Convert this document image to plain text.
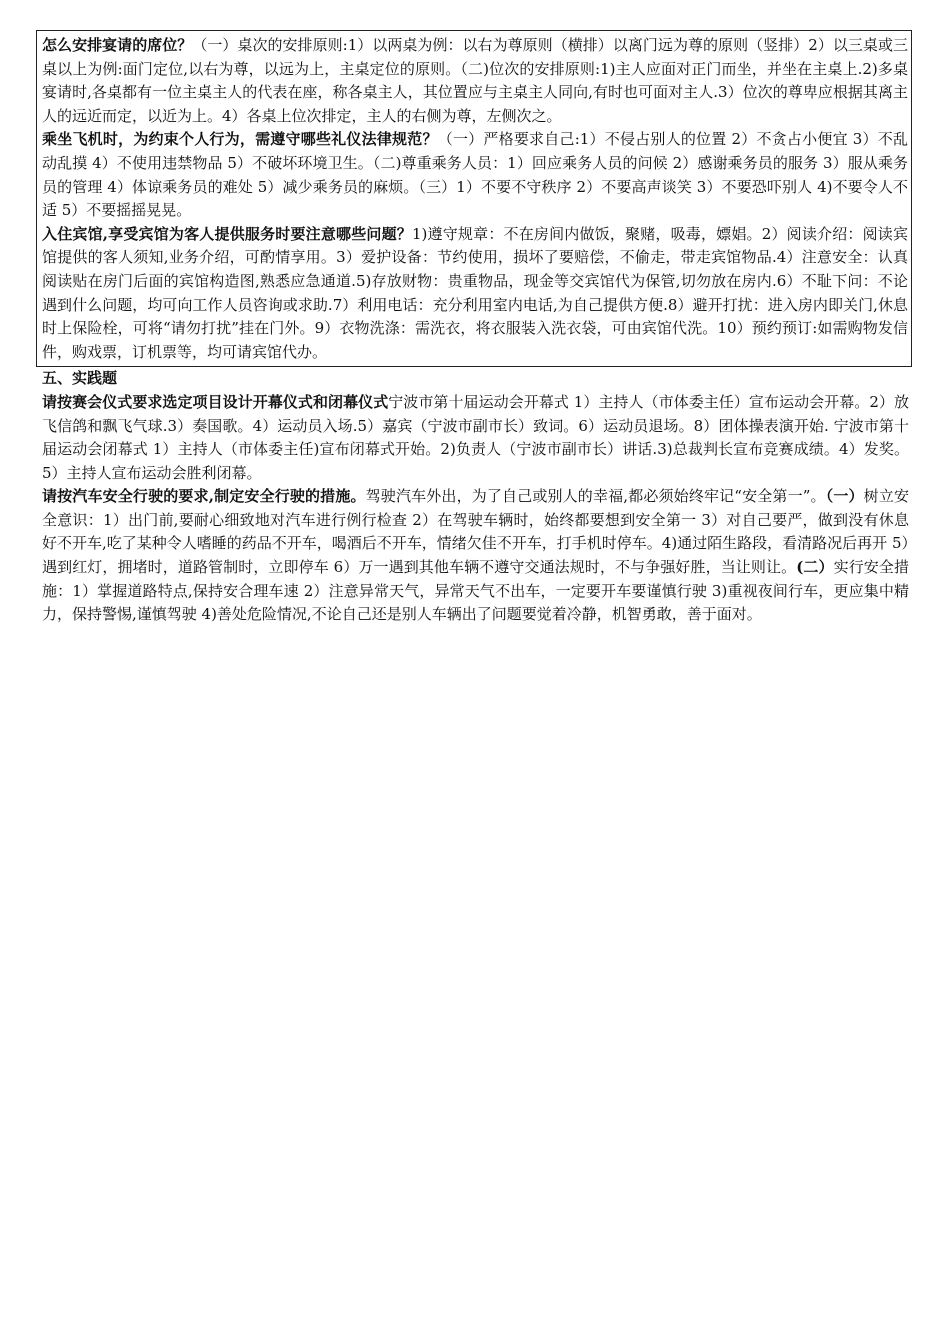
怎么安排宴请的席位？（一）桌次的安排原则:1）以两桌为例：以右为尊原则（横排）以离门远为尊的原则（竖排）2）以三桌或三桌以上为例:面门定位,以右为尊，以远为上，主桌定位的原则。（二)位次的安排原则:1)主人应面对正门而坐，并坐在主桌上.2)多桌宴请时,各桌都有一位主桌主人的代表在座，称各桌主人，其位置应与主桌主人同向,有时也可面对主人.3）位次的尊卑应根据其离主人的远近而定，以近为上。4）各桌上位次排定，主人的右侧为尊，左侧次之。

乘坐飞机时，为约束个人行为，需遵守哪些礼仪法律规范？（一）严格要求自己:1）不侵占别人的位置 2）不贪占小便宜 3）不乱动乱摸 4）不使用违禁物品 5）不破坏环境卫生。（二)尊重乘务人员：1）回应乘务人员的问候 2）感谢乘务员的服务 3）服从乘务员的管理 4）体谅乘务员的难处 5）减少乘务员的麻烦。（三）1）不要不守秩序 2）不要高声谈笑 3）不要恐吓别人 4)不要令人不适 5）不要摇摇晃晃。

入住宾馆,享受宾馆为客人提供服务时要注意哪些问题？1)遵守规章：不在房间内做饭，聚赌，吸毒，嫖娼。2）阅读介绍：阅读宾馆提供的客人须知,业务介绍，可酌情享用。3）爱护设备：节约使用，损坏了要赔偿，不偷走，带走宾馆物品.4）注意安全：认真阅读贴在房门后面的宾馆构造图,熟悉应急通道.5)存放财物：贵重物品，现金等交宾馆代为保管,切勿放在房内.6）不耻下问：不论遇到什么问题，均可向工作人员咨询或求助.7）利用电话：充分利用室内电话,为自己提供方便.8）避开打扰：进入房内即关门,休息时上保险栓，可将“请勿打扰”挂在门外。9）衣物洗涤：需洗衣，将衣服装入洗衣袋，可由宾馆代洗。10）预约预订:如需购物发信件，购戏票，订机票等，均可请宾馆代办。

五、实践题

请按赛会仪式要求选定项目设计开幕仪式和闭幕仪式宁波市第十届运动会开幕式 1）主持人（市体委主任）宣布运动会开幕。2）放飞信鸽和飘飞气球.3）奏国歌。4）运动员入场.5）嘉宾（宁波市副市长）致词。6）运动员退场。8）团体操表演开始. 宁波市第十届运动会闭幕式 1）主持人（市体委主任)宣布闭幕式开始。2)负责人（宁波市副市长）讲话.3)总裁判长宣布竞赛成绩。4）发奖。5）主持人宣布运动会胜利闭幕。

请按汽车安全行驶的要求,制定安全行驶的措施。驾驶汽车外出，为了自己或别人的幸福,都必须始终牢记“安全第一”。（一）树立安全意识：1）出门前,要耐心细致地对汽车进行例行检查 2）在驾驶车辆时，始终都要想到安全第一 3）对自己要严，做到没有休息好不开车,吃了某种令人嗜睡的药品不开车，喝酒后不开车，情绪欠佳不开车，打手机时停车。4)通过陌生路段，看清路况后再开 5）遇到红灯，拥堵时，道路管制时，立即停车 6）万一遇到其他车辆不遵守交通法规时，不与争强好胜，当让则让。(二）实行安全措施：1）掌握道路特点,保持安合理车速 2）注意异常天气，异常天气不出车，一定要开车要谨慎行驶 3)重视夜间行车，更应集中精力，保持警惕,谨慎驾驶 4)善处危险情况,不论自己还是别人车辆出了问题要觉着冷静，机智勇敢，善于面对。
